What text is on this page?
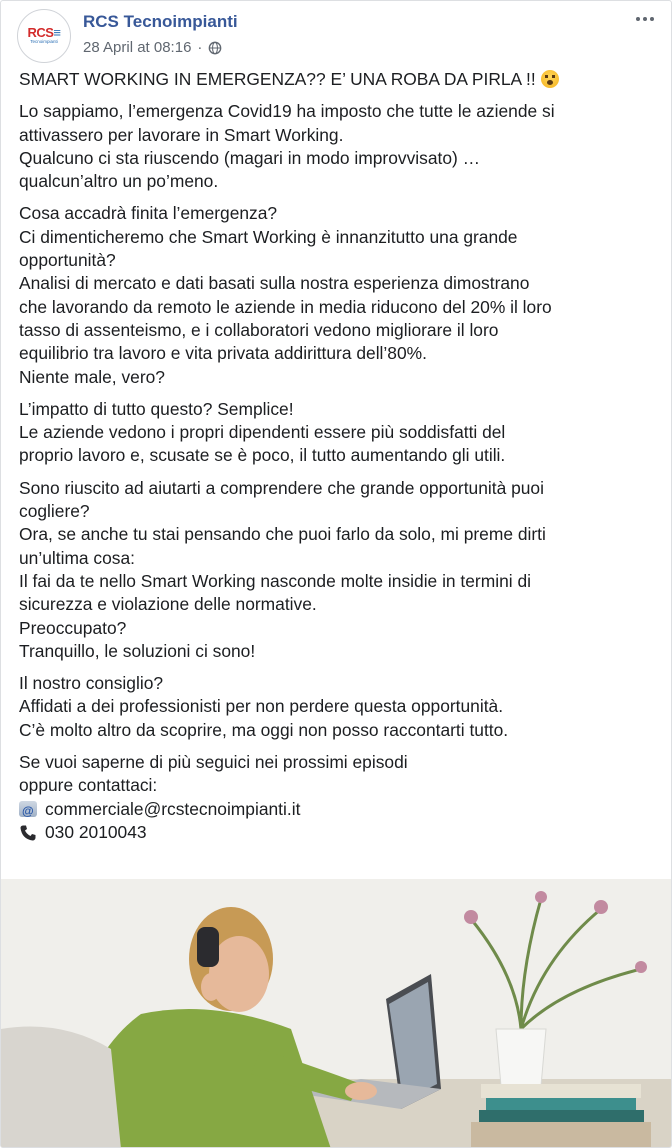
RCS≡
Tecnoimpianti
RCS Tecnoimpianti
28 April at 08:16 ·
SMART WORKING IN EMERGENZA?? E’ UNA ROBA DA PIRLA !!
Lo sappiamo, l’emergenza Covid19 ha imposto che tutte le aziende si
attivassero per lavorare in Smart Working.
Qualcuno ci sta riuscendo (magari in modo improvvisato) …
qualcun’altro un po’meno.
Cosa accadrà finita l’emergenza?
Ci dimenticheremo che Smart Working è innanzitutto una grande
opportunità?
Analisi di mercato e dati basati sulla nostra esperienza dimostrano
che lavorando da remoto le aziende in media riducono del 20% il loro
tasso di assenteismo, e i collaboratori vedono migliorare il loro
equilibrio tra lavoro e vita privata addirittura dell’80%.
Niente male, vero?
L’impatto di tutto questo? Semplice!
Le aziende vedono i propri dipendenti essere più soddisfatti del
proprio lavoro e, scusate se è poco, il tutto aumentando gli utili.
Sono riuscito ad aiutarti a comprendere che grande opportunità puoi
cogliere?
Ora, se anche tu stai pensando che puoi farlo da solo, mi preme dirti
un’ultima cosa:
Il fai da te nello Smart Working nasconde molte insidie in termini di
sicurezza e violazione delle normative.
Preoccupato?
Tranquillo, le soluzioni ci sono!
Il nostro consiglio?
Affidati a dei professionisti per non perdere questa opportunità.
C’è molto altro da scoprire, ma oggi non posso raccontarti tutto.
Se vuoi saperne di più seguici nei prossimi episodi
oppure contattaci:
@
commerciale@rcstecnoimpianti.it
030 2010043
